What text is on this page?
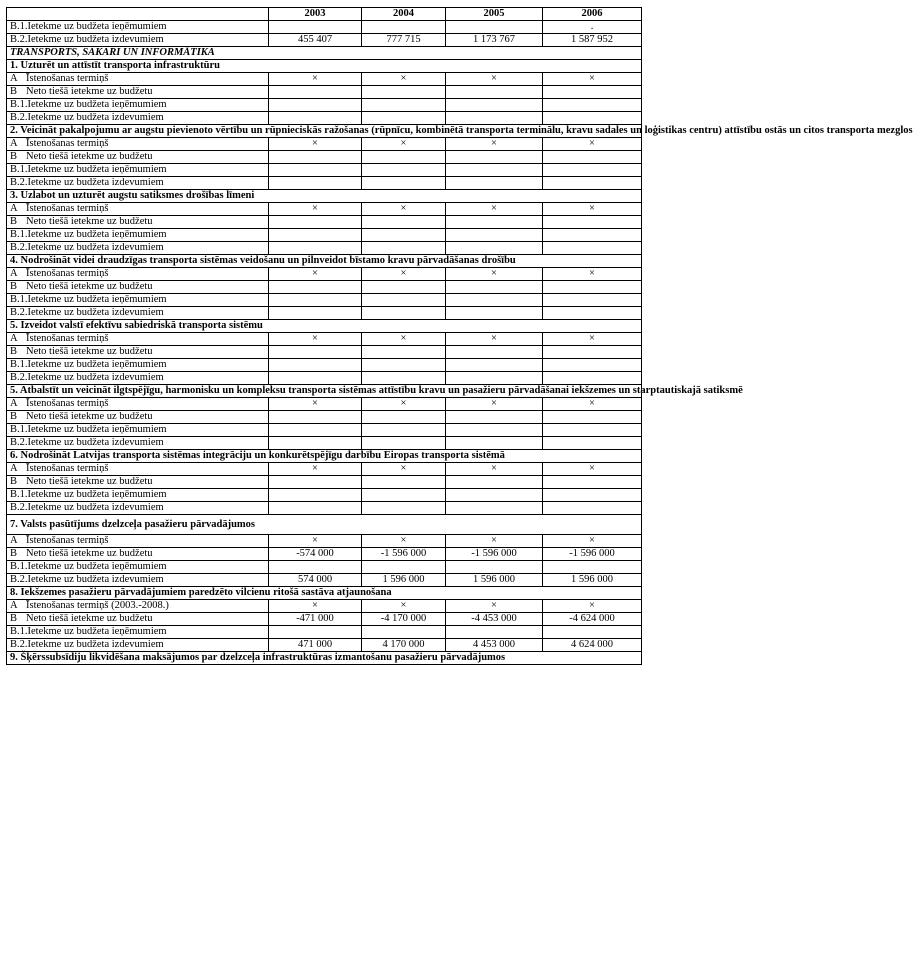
	2003	2004	2005	2006
B.1.Ietekme uz budžeta ieņēmumiem				.
B.2.Ietekme uz budžeta izdevumiem	455 407	777 715	1 173 767	1 587 952
TRANSPORTS, SAKARI UN INFORMĀTIKA				
1. Uzturēt un attīstīt transporta infrastruktūru				
A Īstenošanas termiņš	×	×	×	×
B Neto tiešā ietekme uz budžetu				
B.1.Ietekme uz budžeta ieņēmumiem				
B.2.Ietekme uz budžeta izdevumiem				
2. Veicināt pakalpojumu ar augstu pievienoto vērtību un rūpnieciskās ražošanas (rūpnīcu, kombinētā transporta terminālu, kravu sadales un loģistikas centru) attīstību ostās un citos transporta mezglos				
A Īstenošanas termiņš	×	×	×	×
B Neto tiešā ietekme uz budžetu				
B.1.Ietekme uz budžeta ieņēmumiem				
B.2.Ietekme uz budžeta izdevumiem				
3. Uzlabot un uzturēt augstu satiksmes drošības līmeni				
A Īstenošanas termiņš	×	×	×	×
B Neto tiešā ietekme uz budžetu				
B.1.Ietekme uz budžeta ieņēmumiem				
B.2.Ietekme uz budžeta izdevumiem				
4. Nodrošināt videi draudzīgas transporta sistēmas veidošanu un pilnveidot bīstamo kravu pārvadāšanas drošību				
A Īstenošanas termiņš	×	×	×	×
B Neto tiešā ietekme uz budžetu				
B.1.Ietekme uz budžeta ieņēmumiem				
B.2.Ietekme uz budžeta izdevumiem				
5. Izveidot valstī efektīvu sabiedriskā transporta sistēmu				
A Īstenošanas termiņš	×	×	×	×
B Neto tiešā ietekme uz budžetu				
B.1.Ietekme uz budžeta ieņēmumiem				
B.2.Ietekme uz budžeta izdevumiem				
5. Atbalstīt un veicināt ilgtspējīgu, harmonisku un kompleksu transporta sistēmas attīstību kravu un pasažieru pārvadāšanai iekšzemes un starptautiskajā satiksmē				
A Īstenošanas termiņš	×	×	×	×
B Neto tiešā ietekme uz budžetu				
B.1.Ietekme uz budžeta ieņēmumiem				
B.2.Ietekme uz budžeta izdevumiem				
6. Nodrošināt Latvijas transporta sistēmas integrāciju un konkurētspējīgu darbību Eiropas transporta sistēmā				
A Īstenošanas termiņš	×	×	×	×
B Neto tiešā ietekme uz budžetu				
B.1.Ietekme uz budžeta ieņēmumiem				
B.2.Ietekme uz budžeta izdevumiem				
7. Valsts pasūtījums dzelzceļa pasažieru pārvadājumos				
A Īstenošanas termiņš	×	×	×	×
B Neto tiešā ietekme uz budžetu	-574 000	-1 596 000	-1 596 000	-1 596 000
B.1.Ietekme uz budžeta ieņēmumiem				
B.2.Ietekme uz budžeta izdevumiem	574 000	1 596 000	1 596 000	1 596 000
8. Iekšzemes pasažieru pārvadājumiem paredzēto vilcienu ritošā sastāva atjaunošana				
A Īstenošanas termiņš (2003.-2008.)	×	×	×	×
B Neto tiešā ietekme uz budžetu	-471 000	-4 170 000	-4 453 000	-4 624 000
B.1.Ietekme uz budžeta ieņēmumiem				
B.2.Ietekme uz budžeta izdevumiem	471 000	4 170 000	4 453 000	4 624 000
9. Šķērssubsīdiju likvidēšana maksājumos par dzelzceļa infrastruktūras izmantošanu pasažieru pārvadājumos				
